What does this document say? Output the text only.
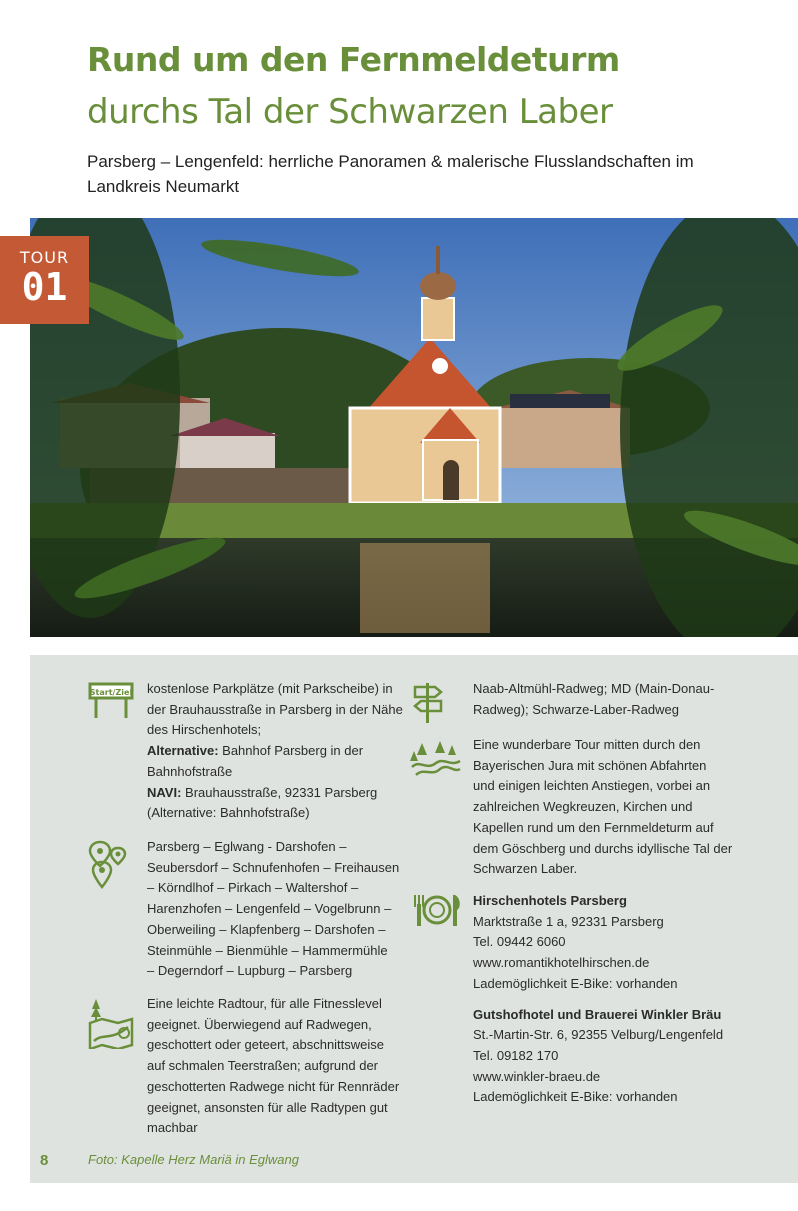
Rund um den Fernmeldeturm
durchs Tal der Schwarzen Laber
Parsberg – Lengenfeld: herrliche Panoramen & malerische Flusslandschaften im Landkreis Neumarkt
TOUR
01
Start/Ziel kostenlose Parkplätze (mit Parkscheibe) in
der Brauhausstraße in Parsberg in der Nähe
des Hirschenhotels;
Alternative: Bahnhof Parsberg in der
Bahnhofstraße
NAVI: Brauhausstraße, 92331 Parsberg
(Alternative: Bahnhofstraße)
Parsberg – Eglwang - Darshofen –
Seubersdorf – Schnufenhofen – Freihausen
– Körndlhof – Pirkach – Waltershof –
Harenzhofen – Lengenfeld – Vogelbrunn –
Oberweiling – Klapfenberg – Darshofen –
Steinmühle – Bienmühle – Hammermühle
– Degerndorf – Lupburg – Parsberg
Eine leichte Radtour, für alle Fitnesslevel
geeignet. Überwiegend auf Radwegen,
geschottert oder geteert, abschnittsweise
auf schmalen Teerstraßen; aufgrund der
geschotterten Radwege nicht für Rennräder
geeignet, ansonsten für alle Radtypen gut
machbar
Naab-Altmühl-Radweg; MD (Main-Donau-
Radweg); Schwarze-Laber-Radweg
Eine wunderbare Tour mitten durch den
Bayerischen Jura mit schönen Abfahrten
und einigen leichten Anstiegen, vorbei an
zahlreichen Wegkreuzen, Kirchen und
Kapellen rund um den Fernmeldeturm auf
dem Göschberg und durchs idyllische Tal der
Schwarzen Laber.
Hirschenhotels Parsberg
Marktstraße 1 a, 92331 Parsberg
Tel. 09442 6060
www.romantikhotelhirschen.de
Lademöglichkeit E-Bike: vorhanden
Gutshofhotel und Brauerei Winkler Bräu
St.-Martin-Str. 6, 92355 Velburg/Lengenfeld
Tel. 09182 170
www.winkler-braeu.de
Lademöglichkeit E-Bike: vorhanden
8	Foto: Kapelle Herz Mariä in Eglwang
